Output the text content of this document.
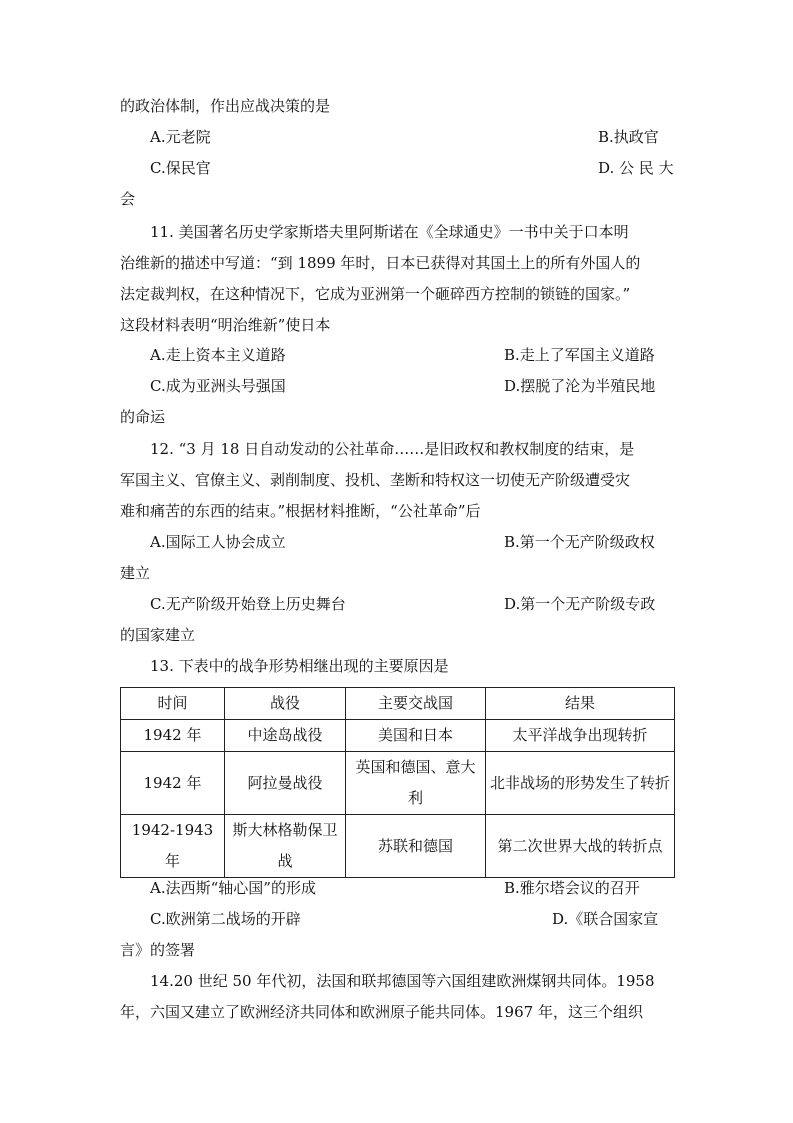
的政治体制，作出应战决策的是
A.元老院	B.执政官
C.保民官	D. 公 民 大
会
11. 美国著名历史学家斯塔夫里阿斯诺在《全球通史》一书中关于口本明
治维新的描述中写道：“到 1899 年时，日本已获得对其国土上的所有外国人的
法定裁判权，在这种情况下，它成为亚洲第一个砸碎西方控制的锁链的国家。”
这段材料表明“明治维新”使日本
A.走上资本主义道路	B.走上了军国主义道路
C.成为亚洲头号强国	D.摆脱了沦为半殖民地
的命运
12. “3 月 18 日自动发动的公社革命……是旧政权和教权制度的结束，是
军国主义、官僚主义、剥削制度、投机、垄断和特权这一切使无产阶级遭受灾
难和痛苦的东西的结束。”根据材料推断，“公社革命”后
A.国际工人协会成立	B.第一个无产阶级政权
建立
C.无产阶级开始登上历史舞台	D.第一个无产阶级专政
的国家建立
13. 下表中的战争形势相继出现的主要原因是
时间	战役	主要交战国	结果
1942 年	中途岛战役	美国和日本	太平洋战争出现转折
1942 年	阿拉曼战役	英国和德国、意大利	北非战场的形势发生了转折
1942-1943 年	斯大林格勒保卫战	苏联和德国	第二次世界大战的转折点
A.法西斯“轴心国”的形成	B.雅尔塔会议的召开
C.欧洲第二战场的开辟	D.《联合国家宣
言》的签署
14.20 世纪 50 年代初，法国和联邦德国等六国组建欧洲煤钢共同体。1958
年，六国又建立了欧洲经济共同体和欧洲原子能共同体。1967 年，这三个组织
